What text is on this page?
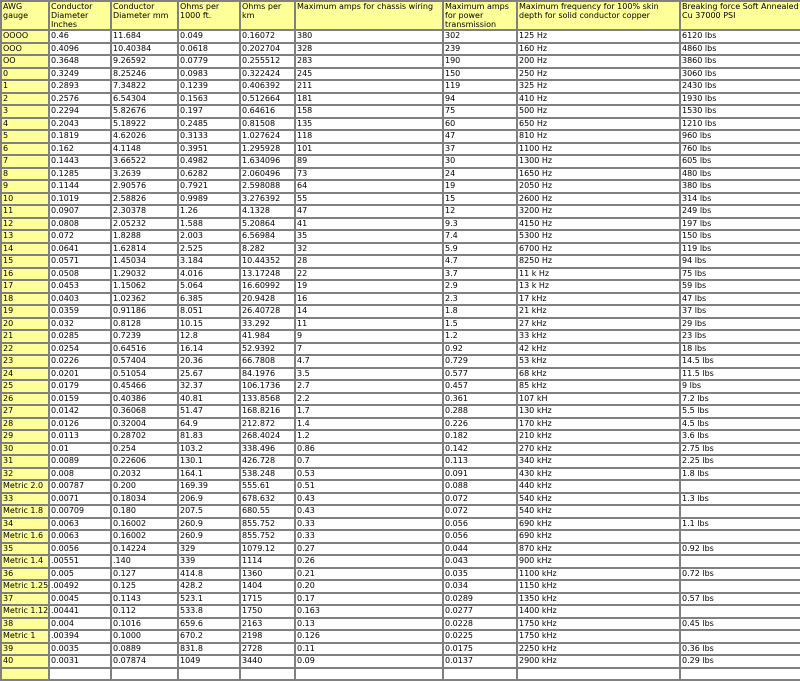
AWG gauge	Conductor Diameter Inches	Conductor Diameter mm	Ohms per 1000 ft.	Ohms per km	Maximum amps for chassis wiring	Maximum amps for power transmission	Maximum frequency for 100% skin depth for solid conductor copper	Breaking force Soft Annealed Cu 37000 PSI
OOOO	0.46	11.684	0.049	0.16072	380	302	125 Hz	6120 lbs
OOO	0.4096	10.40384	0.0618	0.202704	328	239	160 Hz	4860 lbs
OO	0.3648	9.26592	0.0779	0.255512	283	190	200 Hz	3860 lbs
0	0.3249	8.25246	0.0983	0.322424	245	150	250 Hz	3060 lbs
1	0.2893	7.34822	0.1239	0.406392	211	119	325 Hz	2430 lbs
2	0.2576	6.54304	0.1563	0.512664	181	94	410 Hz	1930 lbs
3	0.2294	5.82676	0.197	0.64616	158	75	500 Hz	1530 lbs
4	0.2043	5.18922	0.2485	0.81508	135	60	650 Hz	1210 lbs
5	0.1819	4.62026	0.3133	1.027624	118	47	810 Hz	960 lbs
6	0.162	4.1148	0.3951	1.295928	101	37	1100 Hz	760 lbs
7	0.1443	3.66522	0.4982	1.634096	89	30	1300 Hz	605 lbs
8	0.1285	3.2639	0.6282	2.060496	73	24	1650 Hz	480 lbs
9	0.1144	2.90576	0.7921	2.598088	64	19	2050 Hz	380 lbs
10	0.1019	2.58826	0.9989	3.276392	55	15	2600 Hz	314 lbs
11	0.0907	2.30378	1.26	4.1328	47	12	3200 Hz	249 lbs
12	0.0808	2.05232	1.588	5.20864	41	9.3	4150 Hz	197 lbs
13	0.072	1.8288	2.003	6.56984	35	7.4	5300 Hz	150 lbs
14	0.0641	1.62814	2.525	8.282	32	5.9	6700 Hz	119 lbs
15	0.0571	1.45034	3.184	10.44352	28	4.7	8250 Hz	94 lbs
16	0.0508	1.29032	4.016	13.17248	22	3.7	11 k Hz	75 lbs
17	0.0453	1.15062	5.064	16.60992	19	2.9	13 k Hz	59 lbs
18	0.0403	1.02362	6.385	20.9428	16	2.3	17 kHz	47 lbs
19	0.0359	0.91186	8.051	26.40728	14	1.8	21 kHz	37 lbs
20	0.032	0.8128	10.15	33.292	11	1.5	27 kHz	29 lbs
21	0.0285	0.7239	12.8	41.984	9	1.2	33 kHz	23 lbs
22	0.0254	0.64516	16.14	52.9392	7	0.92	42 kHz	18 lbs
23	0.0226	0.57404	20.36	66.7808	4.7	0.729	53 kHz	14.5 lbs
24	0.0201	0.51054	25.67	84.1976	3.5	0.577	68 kHz	11.5 lbs
25	0.0179	0.45466	32.37	106.1736	2.7	0.457	85 kHz	9 lbs
26	0.0159	0.40386	40.81	133.8568	2.2	0.361	107 kH	7.2 lbs
27	0.0142	0.36068	51.47	168.8216	1.7	0.288	130 kHz	5.5 lbs
28	0.0126	0.32004	64.9	212.872	1.4	0.226	170 kHz	4.5 lbs
29	0.0113	0.28702	81.83	268.4024	1.2	0.182	210 kHz	3.6 lbs
30	0.01	0.254	103.2	338.496	0.86	0.142	270 kHz	2.75 lbs
31	0.0089	0.22606	130.1	426.728	0.7	0.113	340 kHz	2.25 lbs
32	0.008	0.2032	164.1	538.248	0.53	0.091	430 kHz	1.8 lbs
Metric 2.0	0.00787	0.200	169.39	555.61	0.51	0.088	440 kHz	
33	0.0071	0.18034	206.9	678.632	0.43	0.072	540 kHz	1.3 lbs
Metric 1.8	0.00709	0.180	207.5	680.55	0.43	0.072	540 kHz	
34	0.0063	0.16002	260.9	855.752	0.33	0.056	690 kHz	1.1 lbs
Metric 1.6	0.0063	0.16002	260.9	855.752	0.33	0.056	690 kHz	
35	0.0056	0.14224	329	1079.12	0.27	0.044	870 kHz	0.92 lbs
Metric 1.4	.00551	.140	339	1114	0.26	0.043	900 kHz	
36	0.005	0.127	414.8	1360	0.21	0.035	1100 kHz	0.72 lbs
Metric 1.25	.00492	0.125	428.2	1404	0.20	0.034	1150 kHz	
37	0.0045	0.1143	523.1	1715	0.17	0.0289	1350 kHz	0.57 lbs
Metric 1.12	.00441	0.112	533.8	1750	0.163	0.0277	1400 kHz	
38	0.004	0.1016	659.6	2163	0.13	0.0228	1750 kHz	0.45 lbs
Metric 1	.00394	0.1000	670.2	2198	0.126	0.0225	1750 kHz	
39	0.0035	0.0889	831.8	2728	0.11	0.0175	2250 kHz	0.36 lbs
40	0.0031	0.07874	1049	3440	0.09	0.0137	2900 kHz	0.29 lbs
